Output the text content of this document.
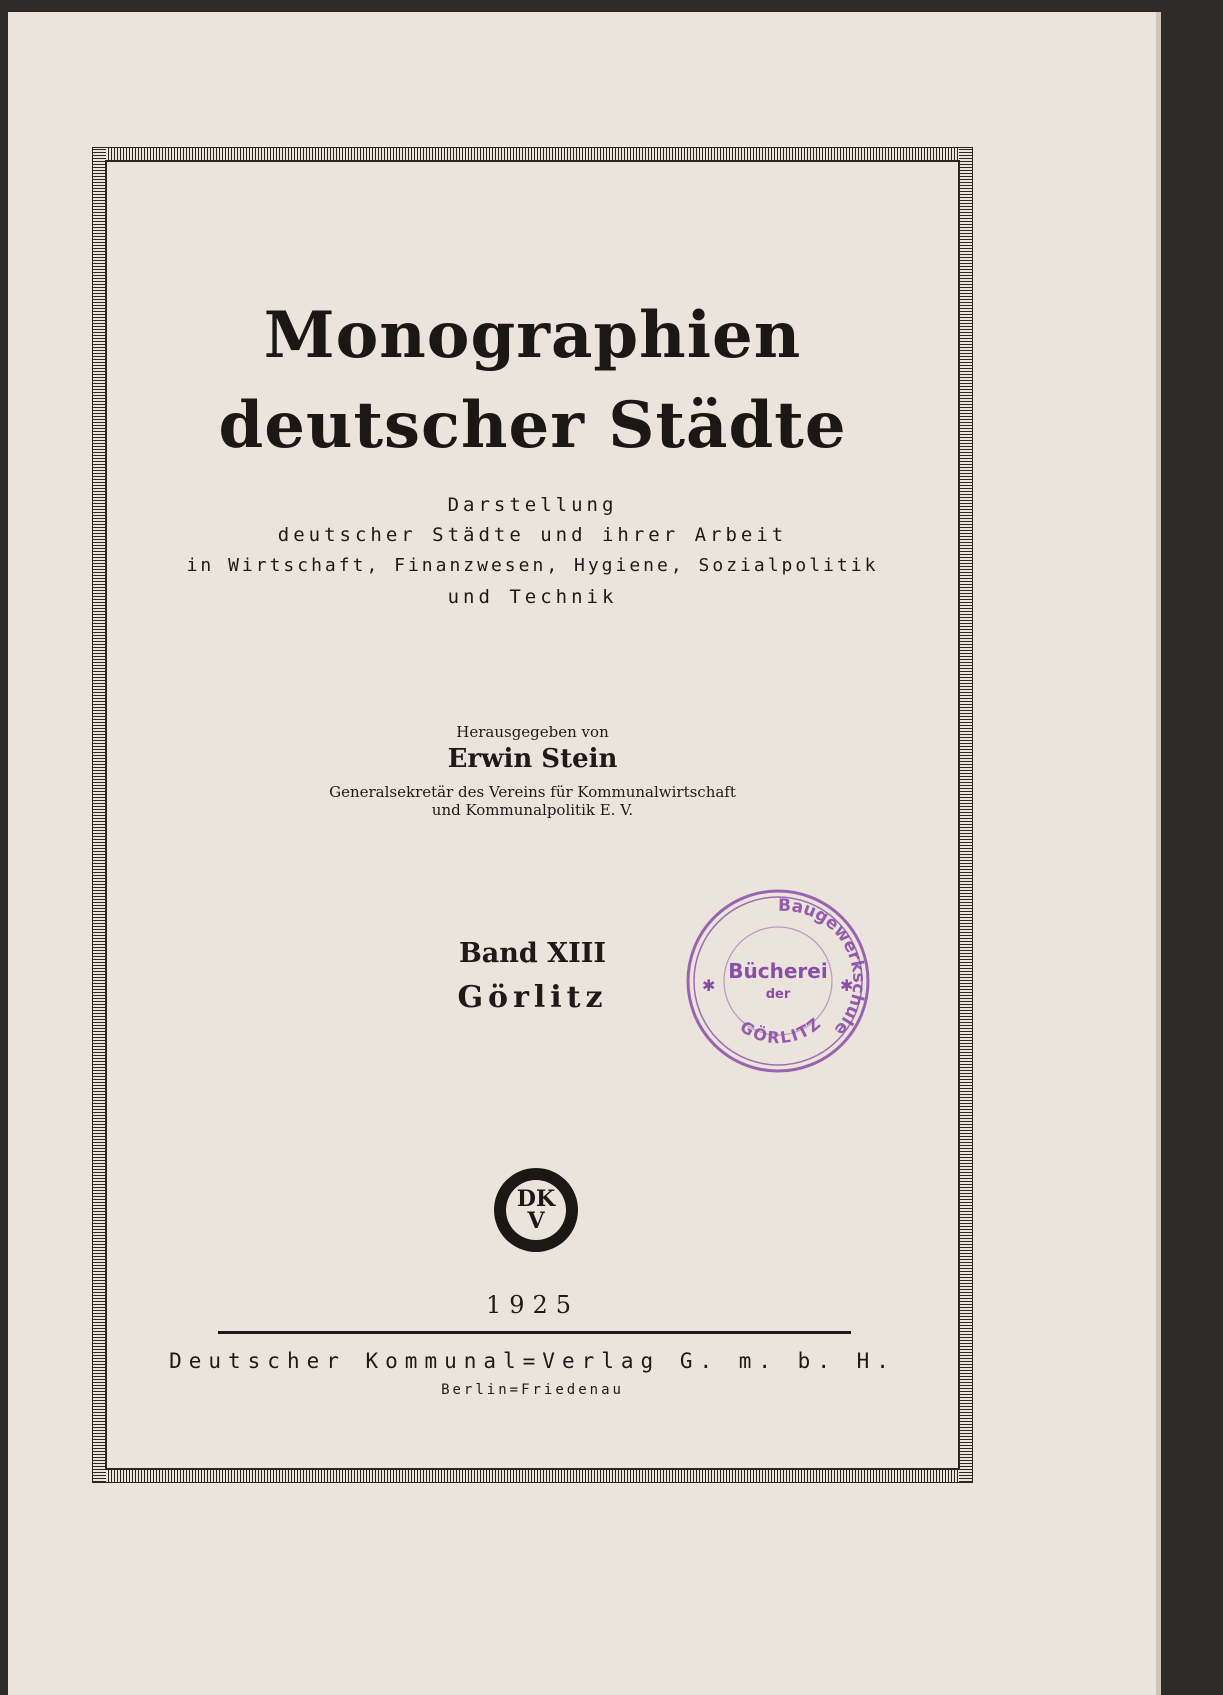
Monographien
deutscher Städte
Darstellung
deutscher Städte und ihrer Arbeit
in Wirtschaft, Finanzwesen, Hygiene, Sozialpolitik
und Technik
Herausgegeben von
Erwin Stein
Generalsekretär des Vereins für Kommunalwirtschaft
und Kommunalpolitik E. V.
Band XIII
Görlitz
Baugewerkschule
GÖRLITZ
✱	✱
Bücherei
der
DK
V
1925
Deutscher Kommunal=Verlag G. m. b. H.
Berlin=Friedenau
